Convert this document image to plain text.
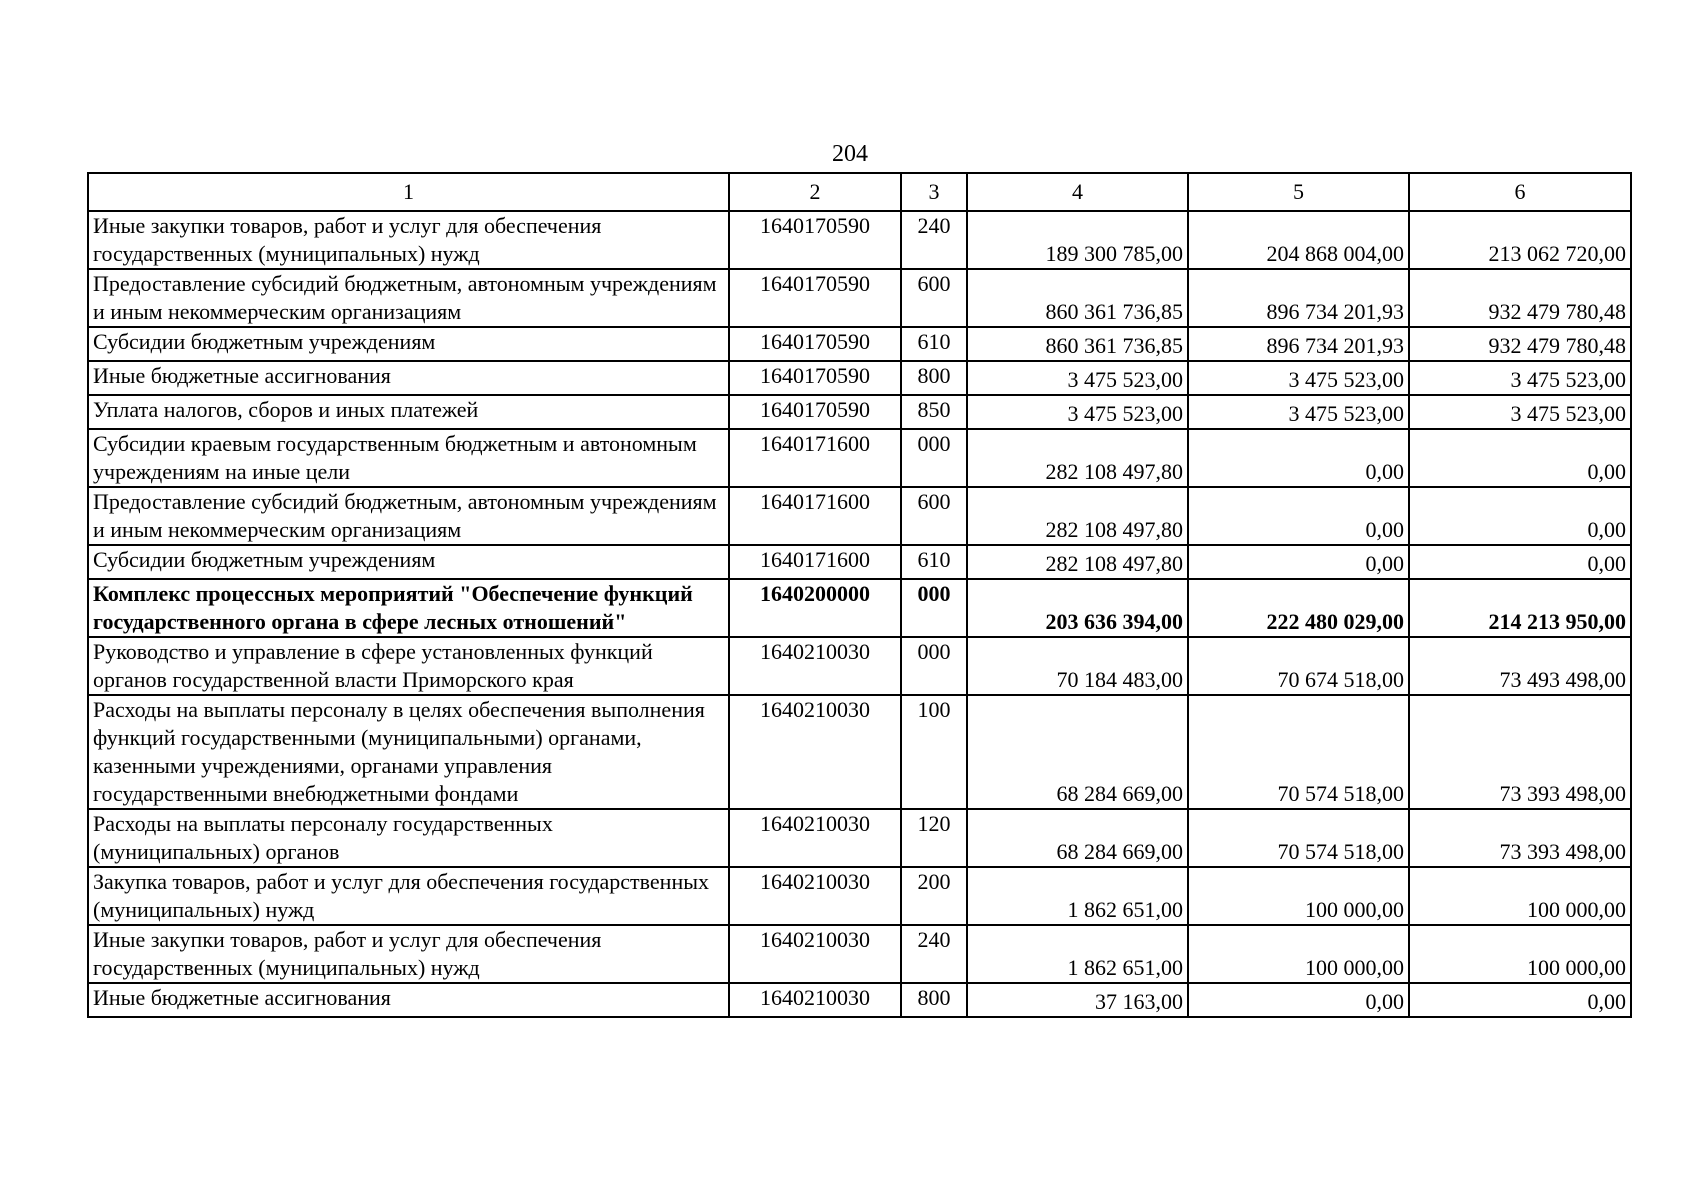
204
1	2	3	4	5	6
Иные закупки товаров, работ и услуг для обеспечения государственных (муниципальных) нужд	1640170590	240	189 300 785,00	204 868 004,00	213 062 720,00
Предоставление субсидий бюджетным, автономным учреждениям и иным некоммерческим организациям	1640170590	600	860 361 736,85	896 734 201,93	932 479 780,48
Субсидии бюджетным учреждениям	1640170590	610	860 361 736,85	896 734 201,93	932 479 780,48
Иные бюджетные ассигнования	1640170590	800	3 475 523,00	3 475 523,00	3 475 523,00
Уплата налогов, сборов и иных платежей	1640170590	850	3 475 523,00	3 475 523,00	3 475 523,00
Субсидии краевым государственным бюджетным и автономным учреждениям на иные цели	1640171600	000	282 108 497,80	0,00	0,00
Предоставление субсидий бюджетным, автономным учреждениям и иным некоммерческим организациям	1640171600	600	282 108 497,80	0,00	0,00
Субсидии бюджетным учреждениям	1640171600	610	282 108 497,80	0,00	0,00
Комплекс процессных мероприятий "Обеспечение функций государственного органа в сфере лесных отношений"	1640200000	000	203 636 394,00	222 480 029,00	214 213 950,00
Руководство и управление в сфере установленных функций органов государственной власти Приморского края	1640210030	000	70 184 483,00	70 674 518,00	73 493 498,00
Расходы на выплаты персоналу в целях обеспечения выполнения функций государственными (муниципальными) органами, казенными учреждениями, органами управления государственными внебюджетными фондами	1640210030	100	68 284 669,00	70 574 518,00	73 393 498,00
Расходы на выплаты персоналу государственных (муниципальных) органов	1640210030	120	68 284 669,00	70 574 518,00	73 393 498,00
Закупка товаров, работ и услуг для обеспечения государственных (муниципальных) нужд	1640210030	200	1 862 651,00	100 000,00	100 000,00
Иные закупки товаров, работ и услуг для обеспечения государственных (муниципальных) нужд	1640210030	240	1 862 651,00	100 000,00	100 000,00
Иные бюджетные ассигнования	1640210030	800	37 163,00	0,00	0,00
